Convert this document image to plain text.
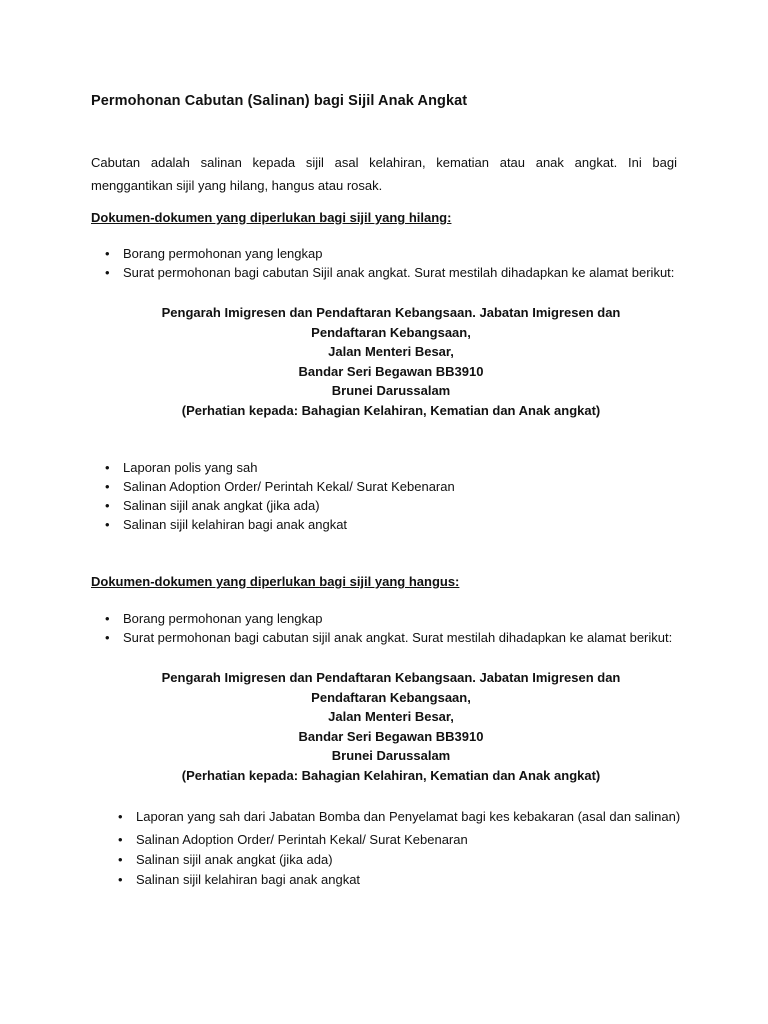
Permohonan Cabutan (Salinan) bagi Sijil Anak Angkat
Cabutan adalah salinan kepada sijil asal kelahiran, kematian atau anak angkat. Ini bagi menggantikan sijil yang hilang, hangus atau rosak.
Dokumen-dokumen yang diperlukan bagi sijil yang hilang:
• Borang permohonan yang lengkap
• Surat permohonan bagi cabutan Sijil anak angkat. Surat mestilah dihadapkan ke alamat berikut:
Pengarah Imigresen dan Pendaftaran Kebangsaan. Jabatan Imigresen dan
Pendaftaran Kebangsaan,
Jalan Menteri Besar,
Bandar Seri Begawan BB3910
Brunei Darussalam
(Perhatian kepada: Bahagian Kelahiran, Kematian dan Anak angkat)
• Laporan polis yang sah
• Salinan Adoption Order/ Perintah Kekal/ Surat Kebenaran
• Salinan sijil anak angkat (jika ada)
• Salinan sijil kelahiran bagi anak angkat
Dokumen-dokumen yang diperlukan bagi sijil yang hangus:
• Borang permohonan yang lengkap
• Surat permohonan bagi cabutan sijil anak angkat. Surat mestilah dihadapkan ke alamat berikut:
Pengarah Imigresen dan Pendaftaran Kebangsaan. Jabatan Imigresen dan
Pendaftaran Kebangsaan,
Jalan Menteri Besar,
Bandar Seri Begawan BB3910
Brunei Darussalam
(Perhatian kepada: Bahagian Kelahiran, Kematian dan Anak angkat)
• Laporan yang sah dari Jabatan Bomba dan Penyelamat bagi kes kebakaran (asal dan salinan)
• Salinan Adoption Order/ Perintah Kekal/ Surat Kebenaran
• Salinan sijil anak angkat (jika ada)
• Salinan sijil kelahiran bagi anak angkat
